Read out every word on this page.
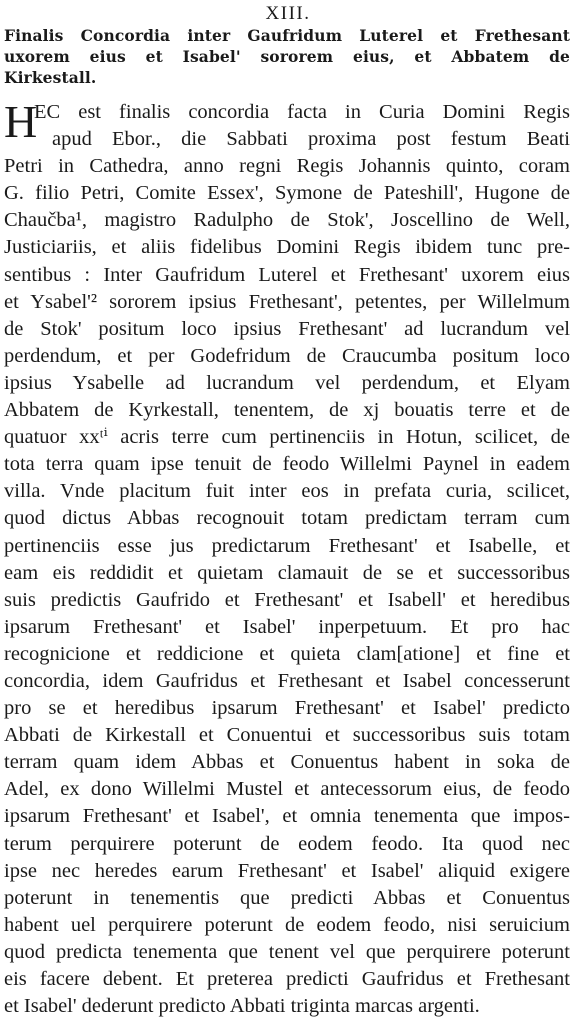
XIII.
Finalis Concordia inter Gaufridum Luterel et Frethesant
uxorem eius et Isabel' sororem eius, et Abbatem de
Kirkestall.
H
EC est finalis concordia facta in Curia Domini Regis
apud Ebor., die Sabbati proxima post festum Beati
Petri in Cathedra, anno regni Regis Johannis quinto, coram
G. filio Petri, Comite Essex', Symone de Pateshill', Hugone de
Chaučba¹, magistro Radulpho de Stok', Joscellino de Well,
Justiciariis, et aliis fidelibus Domini Regis ibidem tunc pre-
sentibus : Inter Gaufridum Luterel et Frethesant' uxorem eius
et Ysabel'² sororem ipsius Frethesant', petentes, per Willelmum
de Stok' positum loco ipsius Frethesant' ad lucrandum vel
perdendum, et per Godefridum de Craucumba positum loco
ipsius Ysabelle ad lucrandum vel perdendum, et Elyam
Abbatem de Kyrkestall, tenentem, de xj bouatis terre et de
quatuor xxᵗⁱ acris terre cum pertinenciis in Hotun, scilicet, de
tota terra quam ipse tenuit de feodo Willelmi Paynel in eadem
villa. Vnde placitum fuit inter eos in prefata curia, scilicet,
quod dictus Abbas recognouit totam predictam terram cum
pertinenciis esse jus predictarum Frethesant' et Isabelle, et
eam eis reddidit et quietam clamauit de se et successoribus
suis predictis Gaufrido et Frethesant' et Isabell' et heredibus
ipsarum Frethesant' et Isabel' inperpetuum. Et pro hac
recognicione et reddicione et quieta clam[atione] et fine et
concordia, idem Gaufridus et Frethesant et Isabel concesserunt
pro se et heredibus ipsarum Frethesant' et Isabel' predicto
Abbati de Kirkestall et Conuentui et successoribus suis totam
terram quam idem Abbas et Conuentus habent in soka de
Adel, ex dono Willelmi Mustel et antecessorum eius, de feodo
ipsarum Frethesant' et Isabel', et omnia tenementa que impos-
terum perquirere poterunt de eodem feodo. Ita quod nec
ipse nec heredes earum Frethesant' et Isabel' aliquid exigere
poterunt in tenementis que predicti Abbas et Conuentus
habent uel perquirere poterunt de eodem feodo, nisi seruicium
quod predicta tenementa que tenent vel que perquirere poterunt
eis facere debent. Et preterea predicti Gaufridus et Frethesant
et Isabel' dederunt predicto Abbati triginta marcas argenti.
